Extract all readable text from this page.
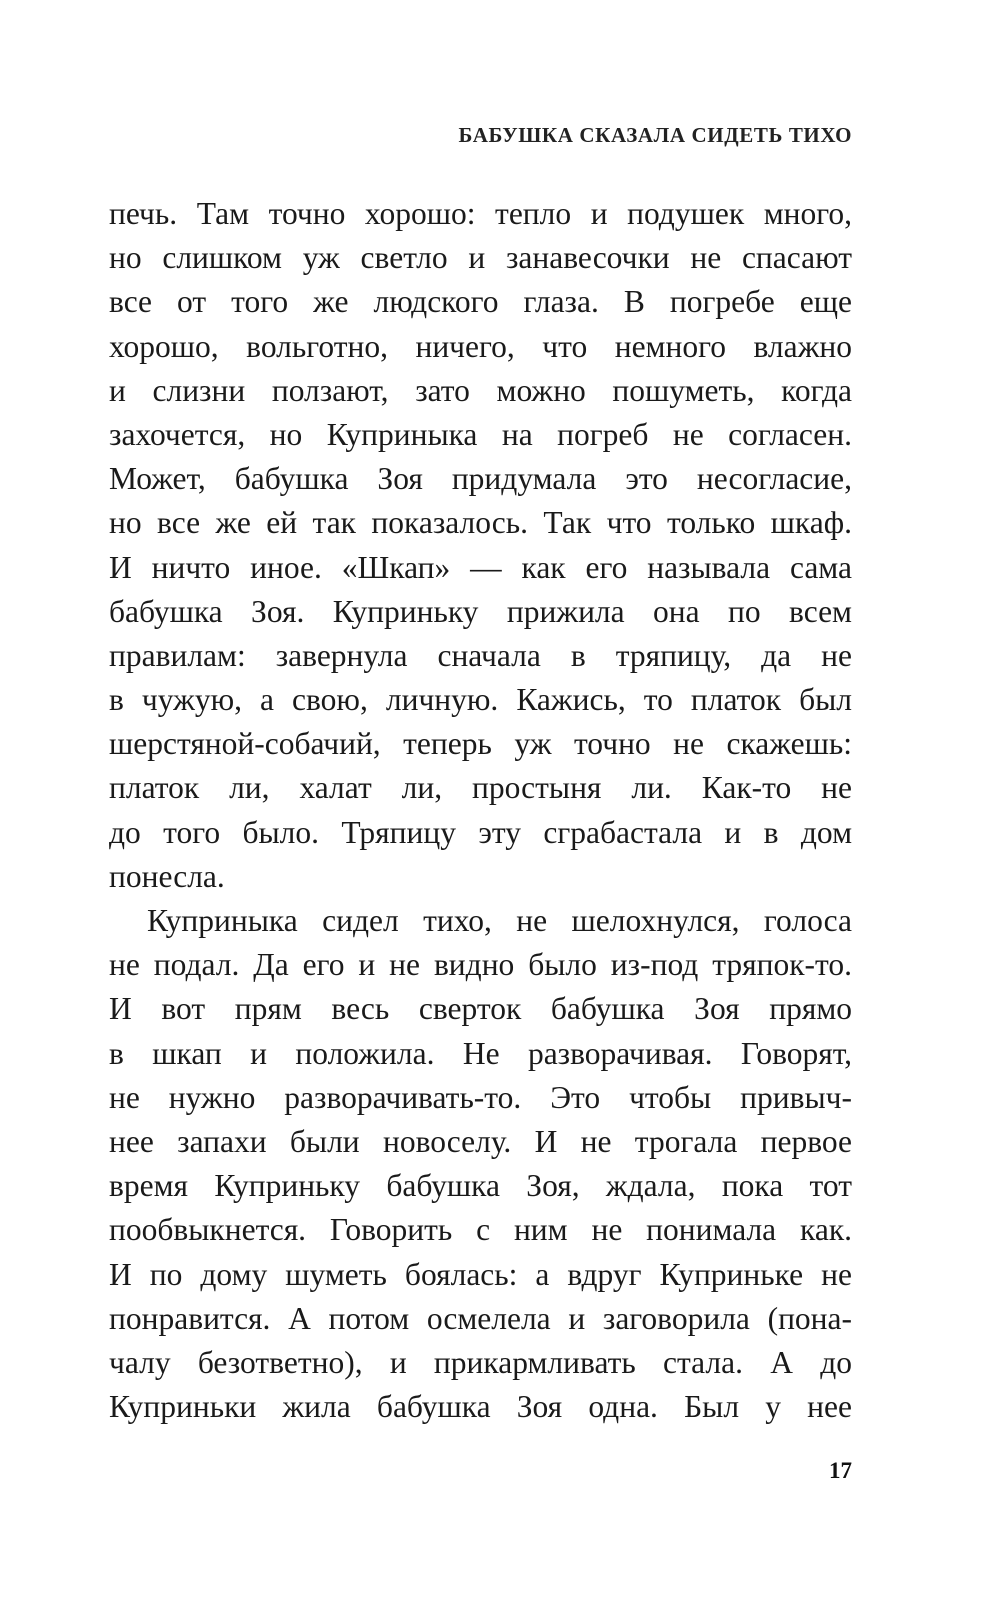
БАБУШКА СКАЗАЛА СИДЕТЬ ТИХО
печь. Там точно хорошо: тепло и подушек много,
но слишком уж светло и занавесочки не спасают
все от того же людского глаза. В погребе еще
хорошо, вольготно, ничего, что немного влажно
и слизни ползают, зато можно пошуметь, когда
захочется, но Куприныка на погреб не согласен.
Может, бабушка Зоя придумала это несогласие,
но все же ей так показалось. Так что только шкаф.
И ничто иное. «Шкап» — как его называла сама
бабушка Зоя. Куприньку прижила она по всем
правилам: завернула сначала в тряпицу, да не
в чужую, а свою, личную. Кажись, то платок был
шерстяной-собачий, теперь уж точно не скажешь:
платок ли, халат ли, простыня ли. Как-то не
до того было. Тряпицу эту сграбастала и в дом
понесла.
Куприныка сидел тихо, не шелохнулся, голоса
не подал. Да его и не видно было из-под тряпок-то.
И вот прям весь сверток бабушка Зоя прямо
в шкап и положила. Не разворачивая. Говорят,
не нужно разворачивать-то. Это чтобы привыч-
нее запахи были новоселу. И не трогала первое
время Куприньку бабушка Зоя, ждала, пока тот
пообвыкнется. Говорить с ним не понимала как.
И по дому шуметь боялась: а вдруг Куприньке не
понравится. А потом осмелела и заговорила (пона-
чалу безответно), и прикармливать стала. А до
Куприньки жила бабушка Зоя одна. Был у нее
17
